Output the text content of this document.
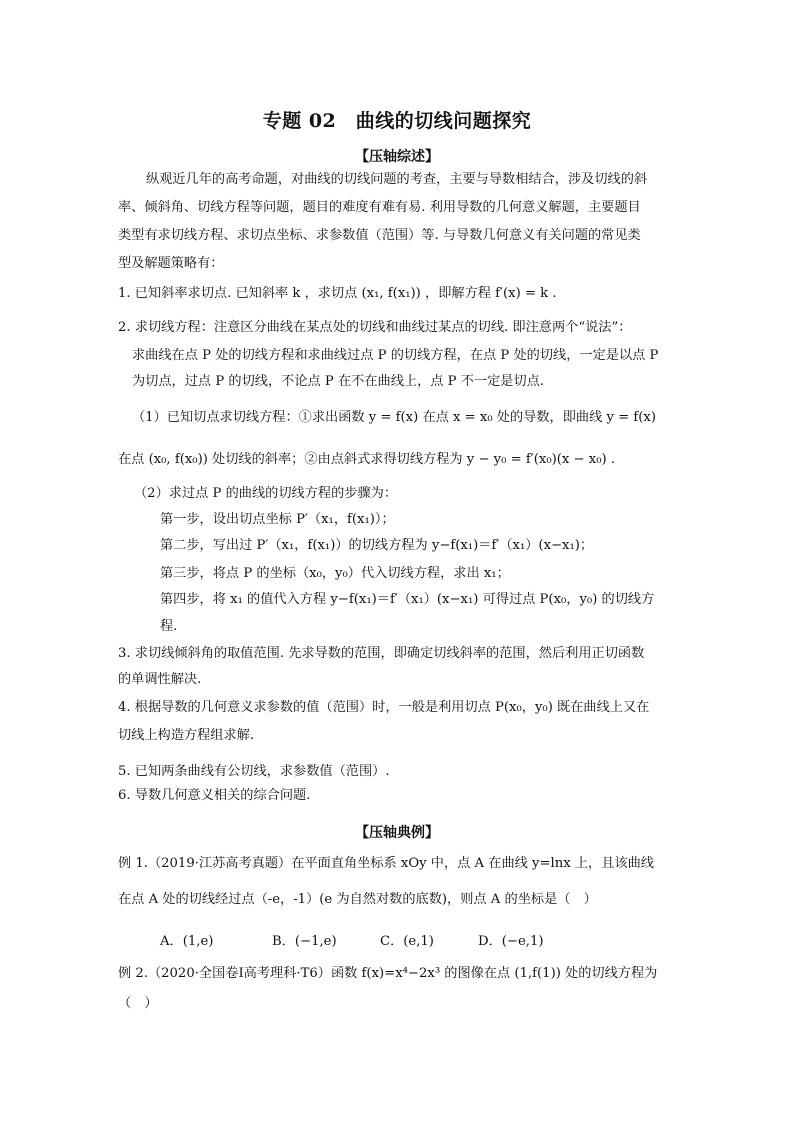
专题 02　曲线的切线问题探究
【压轴综述】
纵观近几年的高考命题，对曲线的切线问题的考查，主要与导数相结合，涉及切线的斜
率、倾斜角、切线方程等问题，题目的难度有难有易. 利用导数的几何意义解题，主要题目
类型有求切线方程、求切点坐标、求参数值（范围）等. 与导数几何意义有关问题的常见类
型及解题策略有：
1. 已知斜率求切点. 已知斜率 k ，求切点 (x₁, f(x₁)) ，即解方程 f′(x) = k .
2. 求切线方程：注意区分曲线在某点处的切线和曲线过某点的切线. 即注意两个“说法”：
求曲线在点 P 处的切线方程和求曲线过点 P 的切线方程，在点 P 处的切线，一定是以点 P
为切点，过点 P 的切线，不论点 P 在不在曲线上，点 P 不一定是切点.
（1）已知切点求切线方程：①求出函数 y = f(x) 在点 x = x₀ 处的导数，即曲线 y = f(x)
在点 (x₀, f(x₀)) 处切线的斜率；②由点斜式求得切线方程为 y − y₀ = f′(x₀)(x − x₀) .
（2）求过点 P 的曲线的切线方程的步骤为：
第一步，设出切点坐标 P′（x₁，f(x₁)）；
第二步，写出过 P′（x₁，f(x₁)）的切线方程为 y−f(x₁)＝f′（x₁）(x−x₁)；
第三步，将点 P 的坐标（x₀，y₀）代入切线方程，求出 x₁；
第四步，将 x₁ 的值代入方程 y−f(x₁)＝f′（x₁）(x−x₁) 可得过点 P(x₀，y₀) 的切线方
程.
3. 求切线倾斜角的取值范围. 先求导数的范围，即确定切线斜率的范围，然后利用正切函数
的单调性解决.
4. 根据导数的几何意义求参数的值（范围）时，一般是利用切点 P(x₀，y₀) 既在曲线上又在
切线上构造方程组求解.
5. 已知两条曲线有公切线，求参数值（范围）.
6. 导数几何意义相关的综合问题.
【压轴典例】
例 1.（2019·江苏高考真题）在平面直角坐标系 xOy 中，点 A 在曲线 y=lnx 上，且该曲线
在点 A 处的切线经过点（-e，-1）(e 为自然对数的底数)，则点 A 的坐标是（　）
A．(1,e)	B．(−1,e)	C．(e,1)	D．(−e,1)
例 2.（2020·全国卷Ⅰ高考理科·T6）函数 f(x)=x⁴−2x³ 的图像在点 (1,f(1)) 处的切线方程为
（　）
